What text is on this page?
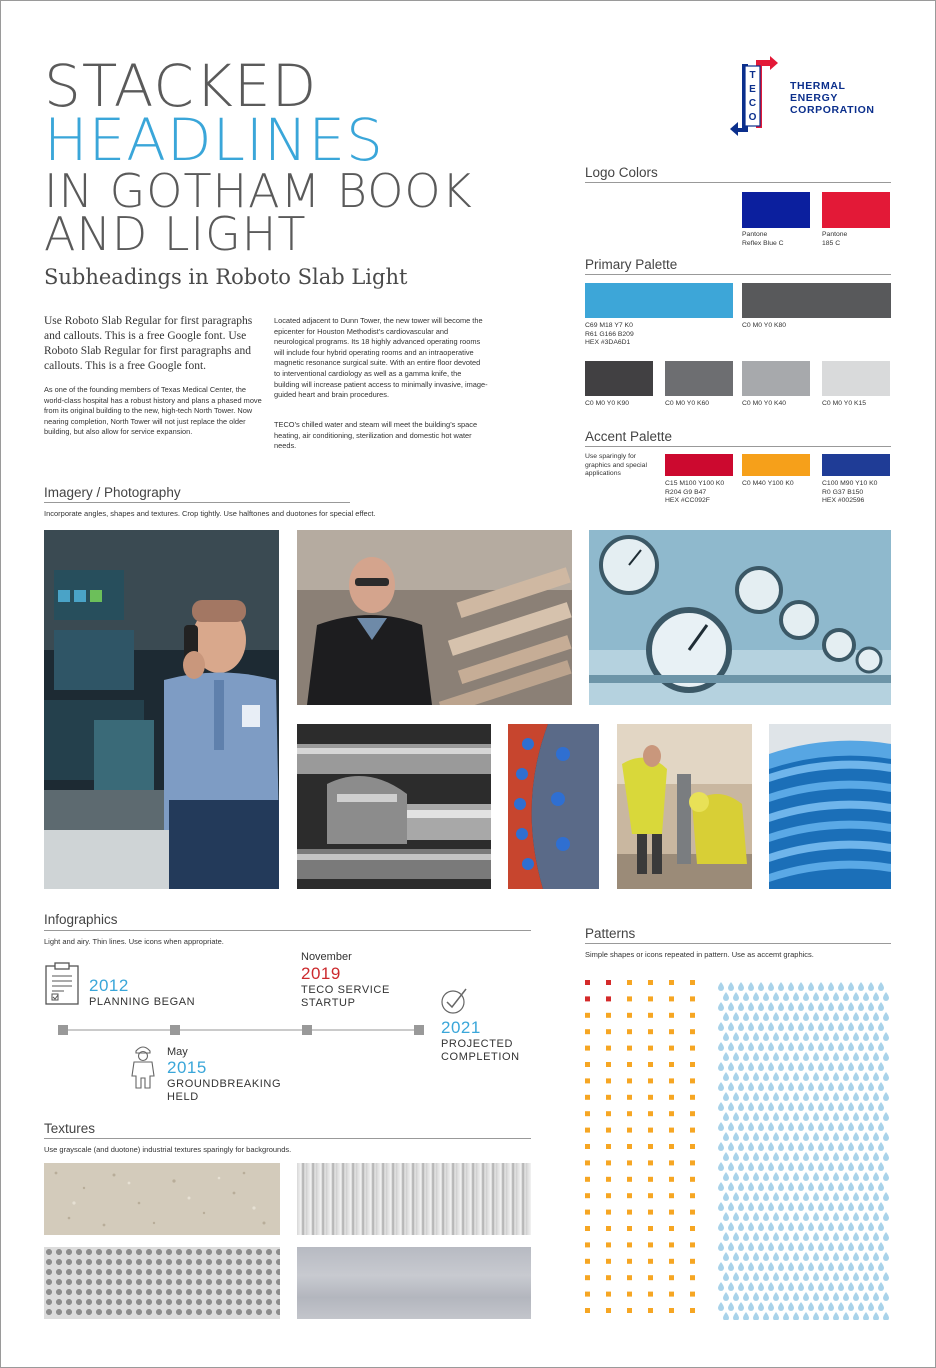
STACKED
HEADLINES
IN GOTHAM BOOK
AND LIGHT
Subheadings in Roboto Slab Light
Use Roboto Slab Regular for first paragraphs and callouts. This is a free Google font. Use Roboto Slab Regular for first paragraphs and callouts. This is a free Google font.
As one of the founding members of Texas Medical Center, the world-class hospital has a robust history and plans a phased move from its original building to the new, high-tech North Tower. Now nearing completion, North Tower will not just replace the older building, but also allow for service expansion.
Located adjacent to Dunn Tower, the new tower will become the epicenter for Houston Methodist’s cardiovascular and neurological programs. Its 18 highly advanced operating rooms will include four hybrid operating rooms and an intraoperative magnetic resonance surgical suite. With an entire floor devoted to interventional cardiology as well as a gamma knife, the building will increase patient access to minimally invasive, image-guided heart and brain procedures.
TECO’s chilled water and steam will meet the building’s space heating, air conditioning, sterilization and domestic hot water needs.
T
E
C
O
THERMAL
ENERGY
CORPORATION
Logo Colors
Pantone
Reflex Blue C
Pantone
185 C
Primary Palette
C69 M18 Y7 K0
R61 G166 B209
HEX #3DA6D1
C0 M0 Y0 K80
C0 M0 Y0 K90	C0 M0 Y0 K60	C0 M0 Y0 K40	C0 M0 Y0 K15
Accent Palette
Use sparingly for graphics and special applications
C15 M100 Y100 K0
R204 G9 B47
HEX #CC092F
C0 M40 Y100 K0	C100 M90 Y10 K0
R0 G37 B150
HEX #002596
Imagery / Photography
Incorporate angles, shapes and textures. Crop tightly. Use halftones and duotones for special effect.
Infographics
Light and airy. Thin lines. Use icons when appropriate.
2012
PLANNING BEGAN
November
2019
TECO SERVICE
STARTUP
2021
PROJECTED
COMPLETION
May
2015
GROUNDBREAKING
HELD
Textures
Use grayscale (and duotone) industrial textures sparingly for backgrounds.
Patterns
Simple shapes or icons repeated in pattern. Use as accemt graphics.
